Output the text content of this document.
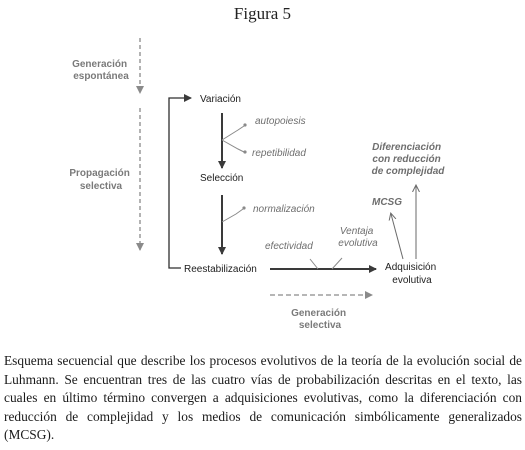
Figura 5
Generación espontánea
Propagación selectiva
Variación
Selección
Reestabilización	Adquisición evolutiva
autopoiesis
repetibilidad
normalización
efectividad
Ventaja evolutiva
Diferenciación con reducción de complejidad
MCSG
Generación selectiva

Esquema secuencial que describe los procesos evolutivos de la teoría de la evolución social de Luhmann. Se encuentran tres de las cuatro vías de probabilización descritas en el texto, las cuales en último término convergen a adquisiciones evolutivas, como la diferenciación con reducción de complejidad y los medios de comunicación simbólicamente generalizados (MCSG).
